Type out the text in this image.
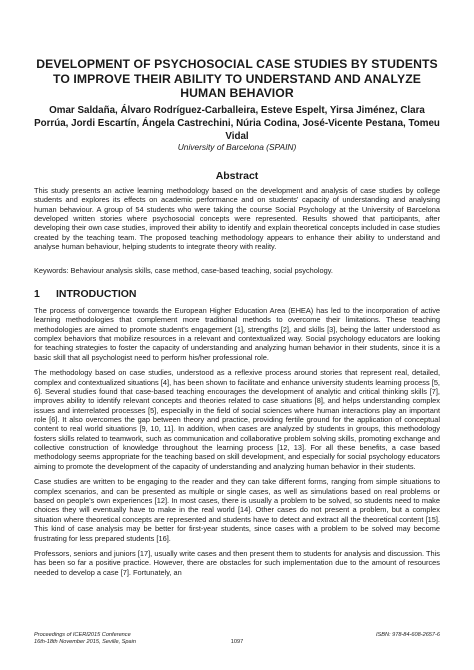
DEVELOPMENT OF PSYCHOSOCIAL CASE STUDIES BY STUDENTS TO IMPROVE THEIR ABILITY TO UNDERSTAND AND ANALYZE HUMAN BEHAVIOR
Omar Saldaña, Álvaro Rodríguez-Carballeira, Esteve Espelt, Yirsa Jiménez, Clara Porrúa, Jordi Escartín, Ángela Castrechini, Núria Codina, José-Vicente Pestana, Tomeu Vidal
University of Barcelona (SPAIN)
Abstract

This study presents an active learning methodology based on the development and analysis of case studies by college students and explores its effects on academic performance and on students' capacity of understanding and analysing human behaviour. A group of 54 students who were taking the course Social Psychology at the University of Barcelona developed written stories where psychosocial concepts were represented. Results showed that participants, after developing their own case studies, improved their ability to identify and explain theoretical concepts included in case studies created by the teaching team. The proposed teaching methodology appears to enhance their ability to understand and analyse human behaviour, helping students to integrate theory with reality.

Keywords: Behaviour analysis skills, case method, case-based teaching, social psychology.

1 INTRODUCTION

The process of convergence towards the European Higher Education Area (EHEA) has led to the incorporation of active learning methodologies that complement more traditional methods to overcome their limitations. These teaching methodologies are aimed to promote student's engagement [1], strengths [2], and skills [3], being the latter understood as complex behaviors that mobilize resources in a relevant and contextualized way. Social psychology educators are looking for teaching strategies to foster the capacity of understanding and analyzing human behavior in their students, since it is a basic skill that all psychologist need to perform his/her professional role.

The methodology based on case studies, understood as a reflexive process around stories that represent real, detailed, complex and contextualized situations [4], has been shown to facilitate and enhance university students learning process [5, 6]. Several studies found that case-based teaching encourages the development of analytic and critical thinking skills [7], improves ability to identify relevant concepts and theories related to case situations [8], and helps understanding complex issues and interrelated processes [5], especially in the field of social sciences where human interactions play an important role [6]. It also overcomes the gap between theory and practice, providing fertile ground for the application of conceptual content to real world situations [9, 10, 11]. In addition, when cases are analyzed by students in groups, this methodology fosters skills related to teamwork, such as communication and collaborative problem solving skills, promoting exchange and collective construction of knowledge throughout the learning process [12, 13]. For all these benefits, a case based methodology seems appropriate for the teaching based on skill development, and especially for social psychology educators aiming to promote the development of the capacity of understanding and analyzing human behavior in their students.

Case studies are written to be engaging to the reader and they can take different forms, ranging from simple situations to complex scenarios, and can be presented as multiple or single cases, as well as simulations based on real problems or based on people's own experiences [12]. In most cases, there is usually a problem to be solved, so students need to make choices they will eventually have to make in the real world [14]. Other cases do not present a problem, but a complex situation where theoretical concepts are represented and students have to detect and extract all the theoretical content [15]. This kind of case analysis may be better for first-year students, since cases with a problem to be solved may become frustrating for less prepared students [16].

Professors, seniors and juniors [17], usually write cases and then present them to students for analysis and discussion. This has been so far a positive practice. However, there are obstacles for such implementation due to the amount of resources needed to develop a case [7]. Fortunately, an

Proceedings of ICERI2015 Conference
16th-18th November 2015, Seville, Spain
ISBN: 978-84-608-2657-6
1097
